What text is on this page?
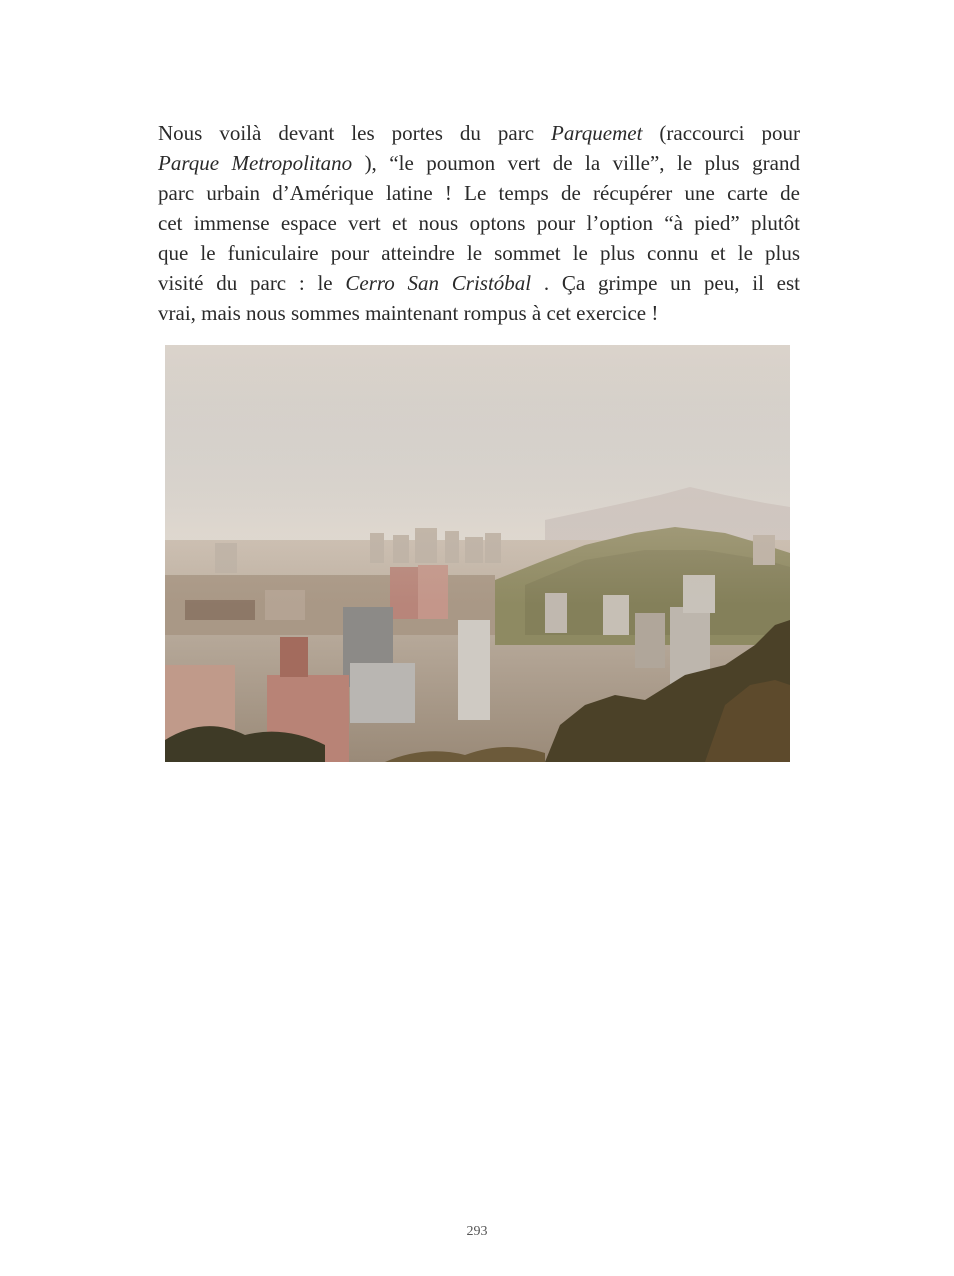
Nous voilà devant les portes du parc Parquemet (raccourci pour
Parque Metropolitano ), “le poumon vert de la ville”, le plus grand
parc urbain d’Amérique latine ! Le temps de récupérer une carte de
cet immense espace vert et nous optons pour l’option “à pied” plutôt
que le funiculaire pour atteindre le sommet le plus connu et le plus
visité du parc : le Cerro San Cristóbal . Ça grimpe un peu, il est
vrai, mais nous sommes maintenant rompus à cet exercice !
293
